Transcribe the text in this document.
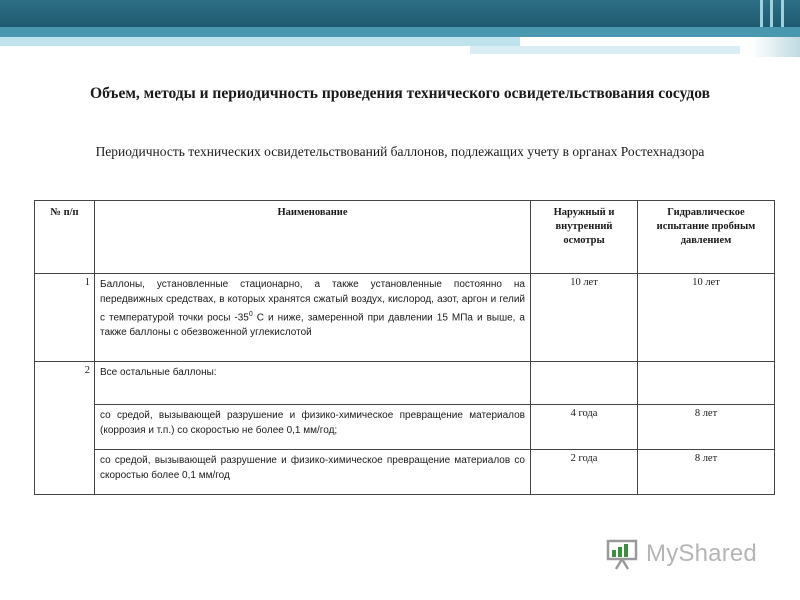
Объем, методы и периодичность проведения технического освидетельствования сосудов

Периодичность технических освидетельствований баллонов, подлежащих учету в органах Ростехнадзора

№ п/п	Наименование	Наружный и внутренний осмотры	Гидравлическое испытание пробным давлением
1	Баллоны, установленные стационарно, а также установленные постоянно на передвижных средствах, в которых хранятся сжатый воздух, кислород, азот, аргон и гелий с температурой точки росы $-35^0$ С и ниже, замеренной при давлении 15 МПа и выше, а также баллоны с обезвоженной углекислотой	10 лет	10 лет
2	Все остальные баллоны:		
	со средой, вызывающей разрушение и физико-химическое превращение материалов (коррозия и т.п.) со скоростью не более 0,1 мм/год;	4 года	8 лет
	со средой, вызывающей разрушение и физико-химическое превращение материалов со скоростью более 0,1 мм/год	2 года	8 лет
MyShared
